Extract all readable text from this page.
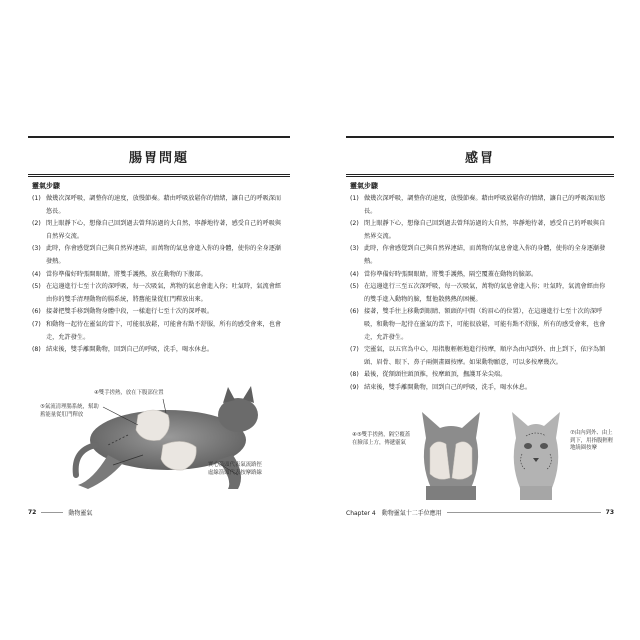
腸胃問題
靈氣步驟
(1) 做幾次深呼吸，調整你的速度，放慢節奏。藉由呼吸放鬆你的情緒，讓自己的呼吸深而悠長。
(2) 閉上眼靜下心，想像自己回到過去曾拜訪過的大自然，寧靜地待著，感受自己的呼吸與自然界交流。
(3) 此時，你會感覺到自己與自然界連結，而萬物的氣息會進入你的身體，使你的全身逐漸發熱。
(4) 當你準備好時張開眼睛，將雙手護熱，放在動物的下腹部。
(5) 在這邊進行七至十次的深呼吸，每一次吸氣，萬物的氣息會進入你；吐氣時，氣流會經由你的雙手清理動物的腸系統，將舊能量從肛門釋放出來。
(6) 接著把雙手移到動物身體中段，一樣進行七至十次的深呼吸。
(7) 和動物一起待在靈氣的當下，可能很放鬆，可能會有點不舒服，所有的感受會來，也會走，允許發生。
(8) 結束後，雙手離開動物，回到自己的呼吸，洗手，喝水休息。
④雙手搓熱，放在下腹部位置
⑤氣流清理腸系統，幫助舊能量從肛門釋放
實心箭頭代表氣流路徑
虛線箭頭代表按摩路線
72	動物靈氣
感冒
靈氣步驟
(1) 做幾次深呼吸，調整你的速度，放慢節奏。藉由呼吸放鬆你的情緒，讓自己的呼吸深而悠長。
(2) 閉上眼靜下心，想像自己回到過去曾拜訪過的大自然，寧靜地待著，感受自己的呼吸與自然界交流。
(3) 此時，你會感覺到自己與自然界連結，而萬物的氣息會進入你的身體，使你的全身逐漸發熱。
(4) 當你準備好時張開眼睛，將雙手護熱，隔空覆蓋在動物的臉部。
(5) 在這邊進行三至五次深呼吸，每一次吸氣，萬物的氣息會進入你；吐氣時，氣流會經由你的雙手進入動物的臉，幫他散熱熱的困擾。
(6) 接著，雙手往上移動到眼睛、額頭的中間（約眉心的位置），在這邊進行七至十次的深呼吸，和動物一起待在靈氣的當下，可能很放鬆，可能有點不舒服，所有的感受會來，也會走，允許發生。
(7) 完靈氣，以五官為中心，用指腹輕輕地進行按摩，順序為由內到外、由上到下，依序為額頭、眉骨、眼下、鼻子兩側畫圈按摩。如果動物願意，可以多按摩幾次。
(8) 最後，從額頭往頭頂推，按摩頭頂，撫護耳朵尖端。
(9) 結束後，雙手離開動物，回到自己的呼吸，洗手，喝水休息。
④⑤雙手搓熱，隔空覆蓋在臉部上方，傳遞靈氣
⑦由內到外、由上到下，用指腹輕輕地繞圈按摩
Chapter 4　動物靈氣十二手位應用	73
